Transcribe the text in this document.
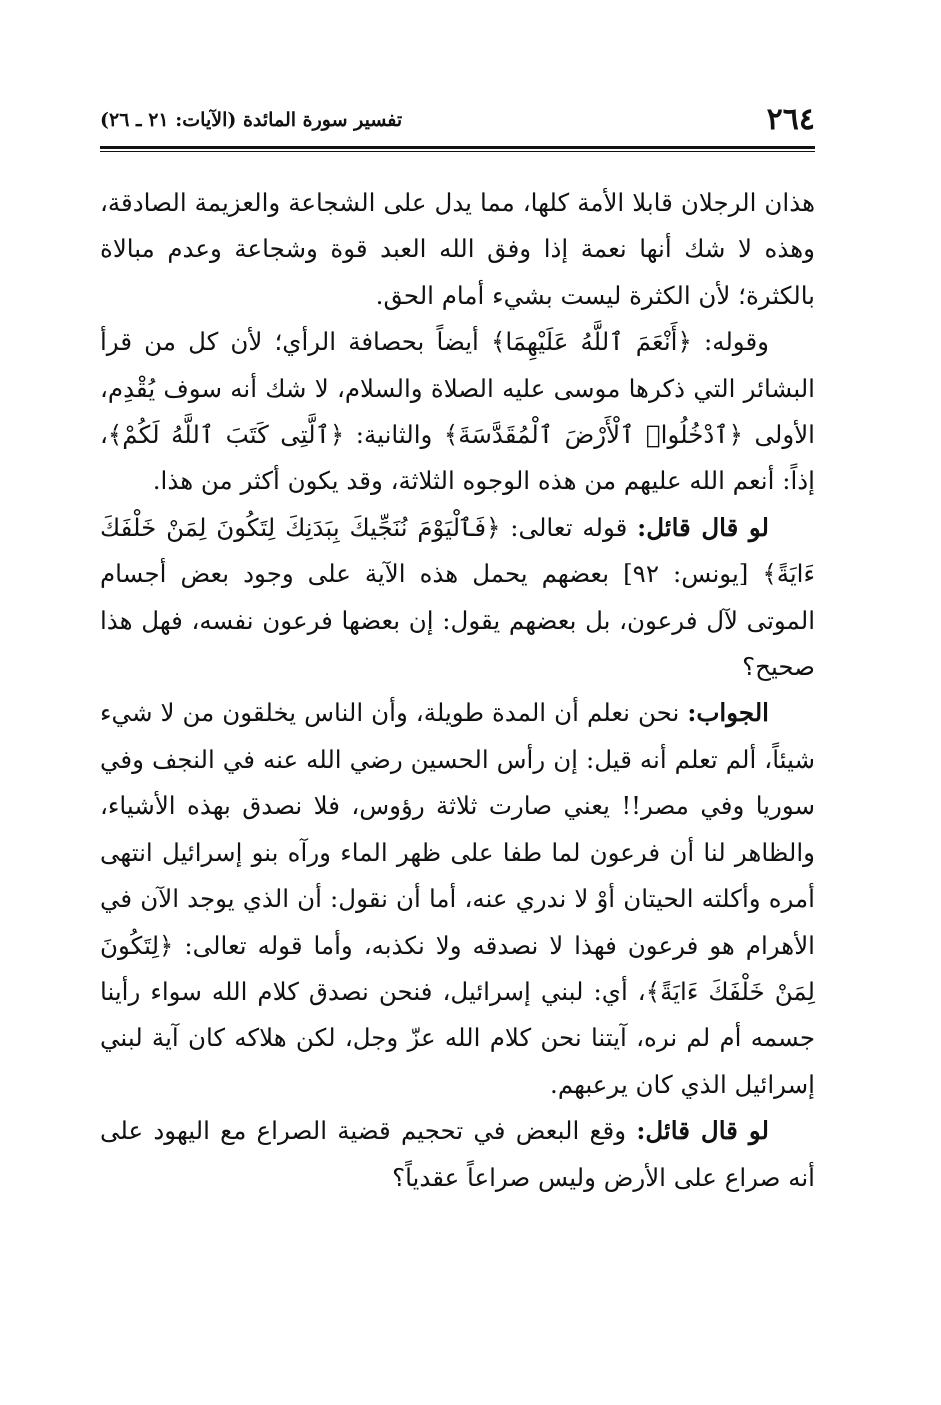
٢٦٤
تفسير سورة المائدة (الآيات: ٢١ ـ ٢٦)

هذان الرجلان قابلا الأمة كلها، مما يدل على الشجاعة والعزيمة الصادقة، وهذه لا شك أنها نعمة إذا وفق الله العبد قوة وشجاعة وعدم مبالاة بالكثرة؛ لأن الكثرة ليست بشيء أمام الحق.

وقوله: ﴿أَنْعَمَ ٱللَّهُ عَلَيْهِمَا﴾ أيضاً بحصافة الرأي؛ لأن كل من قرأ البشائر التي ذكرها موسى عليه الصلاة والسلام، لا شك أنه سوف يُقْدِم، الأولى ﴿ٱدْخُلُوا۟ ٱلْأَرْضَ ٱلْمُقَدَّسَةَ﴾ والثانية: ﴿ٱلَّتِى كَتَبَ ٱللَّهُ لَكُمْ﴾، إذاً: أنعم الله عليهم من هذه الوجوه الثلاثة، وقد يكون أكثر من هذا.

لو قال قائل: قوله تعالى: ﴿فَٱلْيَوْمَ نُنَجِّيكَ بِبَدَنِكَ لِتَكُونَ لِمَنْ خَلْفَكَ ءَايَةً﴾ [يونس: ٩٢] بعضهم يحمل هذه الآية على وجود بعض أجسام الموتى لآل فرعون، بل بعضهم يقول: إن بعضها فرعون نفسه، فهل هذا صحيح؟

الجواب: نحن نعلم أن المدة طويلة، وأن الناس يخلقون من لا شيء شيئاً، ألم تعلم أنه قيل: إن رأس الحسين رضي الله عنه في النجف وفي سوريا وفي مصر!! يعني صارت ثلاثة رؤوس، فلا نصدق بهذه الأشياء، والظاهر لنا أن فرعون لما طفا على ظهر الماء ورآه بنو إسرائيل انتهى أمره وأكلته الحيتان أوْ لا ندري عنه، أما أن نقول: أن الذي يوجد الآن في الأهرام هو فرعون فهذا لا نصدقه ولا نكذبه، وأما قوله تعالى: ﴿لِتَكُونَ لِمَنْ خَلْفَكَ ءَايَةً﴾، أي: لبني إسرائيل، فنحن نصدق كلام الله سواء رأينا جسمه أم لم نره، آيتنا نحن كلام الله عزّ وجل، لكن هلاكه كان آية لبني إسرائيل الذي كان يرعبهم.

لو قال قائل: وقع البعض في تحجيم قضية الصراع مع اليهود على أنه صراع على الأرض وليس صراعاً عقدياً؟
